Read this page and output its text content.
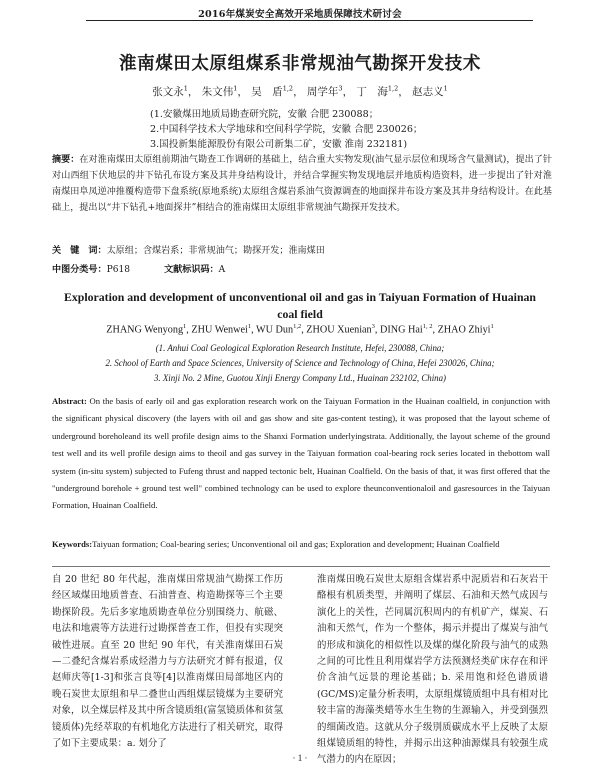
2016年煤炭安全高效开采地质保障技术研讨会
淮南煤田太原组煤系非常规油气勘探开发技术
张文永$^1$， 朱文伟$^1$， 吴　盾$^{1,2}$， 周学年$^3$， 丁　海$^{1,2}$， 赵志义$^1$
(1.安徽煤田地质局勘查研究院，安徽 合肥 230088；
2.中国科学技术大学地球和空间科学学院，安徽 合肥 230026；
3.国投新集能源股份有限公司新集二矿，安徽 淮南 232181)

摘要：在对淮南煤田太原组前期油气勘查工作调研的基础上，结合重大实物发现(油气显示层位和现场含气量测试)，提出了针对山西组下伏地层的井下钻孔布设方案及其井身结构设计，并结合掌握实物发现地层并地质构造资料，进一步提出了针对淮南煤田阜凤逆冲推覆构造带下盘系统(原地系统)太原组含煤岩系油气资源调查的地面探井布设方案及其井身结构设计。在此基础上，提出以“井下钻孔+地面探井”相结合的淮南煤田太原组非常规油气勘探开发技术。

关　键　词：太原组；含煤岩系；非常规油气；勘探开发；淮南煤田
中图分类号：P618	文献标识码：A
Exploration and development of unconventional oil and gas in Taiyuan Formation of Huainan coal field
ZHANG Wenyong$^1$, ZHU Wenwei$^1$, WU Dun$^{1,2}$, ZHOU Xuenian$^3$, DING Hai$^{1, 2}$, ZHAO Zhiyi$^1$
(1. Anhui Coal Geological Exploration Research Institute, Hefei, 230088, China;
2. School of Earth and Space Sciences, University of Science and Technology of China, Hefei 230026, China;
3. Xinji No. 2 Mine, Guotou Xinji Energy Company Ltd., Huainan 232102, China)

Abstract: On the basis of early oil and gas exploration research work on the Taiyuan Formation in the Huainan coalfield, in conjunction with the significant physical discovery (the layers with oil and gas show and site gas-content testing), it was proposed that the layout scheme of underground boreholeand its well profile design aims to the Shanxi Formation underlyingstrata. Additionally, the layout scheme of the ground test well and its well profile design aims to theoil and gas survey in the Taiyuan formation coal-bearing rock series located in thebottom wall system (in-situ system) subjected to Fufeng thrust and napped tectonic belt, Huainan Coalfield. On the basis of that, it was first offered that the "underground borehole + ground test well" combined technology can be used to explore theunconventionaloil and gasresources in the Taiyuan Formation, Huainan Coalfield.

Keywords:Taiyuan formation; Coal-bearing series; Unconventional oil and gas; Exploration and development; Huainan Coalfield

自 20 世纪 80 年代起，淮南煤田常规油气勘探工作历经区域煤田地质普查、石油普查、构造勘探等三个主要勘探阶段。先后多家地质勘查单位分别围绕力、航磁、电法和地震等方法进行过勘探普查工作，但投有实现突破性进展。直至 20 世纪 90 年代，有关淮南煤田石炭—二叠纪含煤岩系成烃潜力与方法研究才鲜有报道，仅赵师庆等[1-3]和张言良等[4]以淮南煤田局部地区内的晚石炭世太原组和早二叠世山西组煤层镜煤为主要研究对象，以全煤层样及其中所含镜质组(富氢镜质体和贫氢镜质体)先经萃取的有机地化方法进行了相关研究，取得了如下主要成果：a. 划分了

淮南煤田晚石炭世太原组含煤岩系中泥质岩和石灰岩干酪根有机质类型，并阐明了煤层、石油和天然气成因与演化上的关性，芒同属沉积周内的有机矿产，煤炭、石油和天然气，作为一个整体，揭示并提出了煤炭与油气的形成和演化的相似性以及煤的煤化阶段与油气的成熟之间的可比性且利用煤岩学方法预测烃类矿床存在和评价含油气远景的理论基础；b. 采用饱和烃色谱质谱(GC/MS)定量分析表明，太原组煤镜质组中具有相对比较丰富的海藻类蜡等水生生物的生源输入，并受到强烈的细菌改造。这就从分子级別质碳成水平上反映了太原组煤镜质组的特性，并揭示出这种油源煤具有较强生成气潜力的内在原因；

· 1 ·
